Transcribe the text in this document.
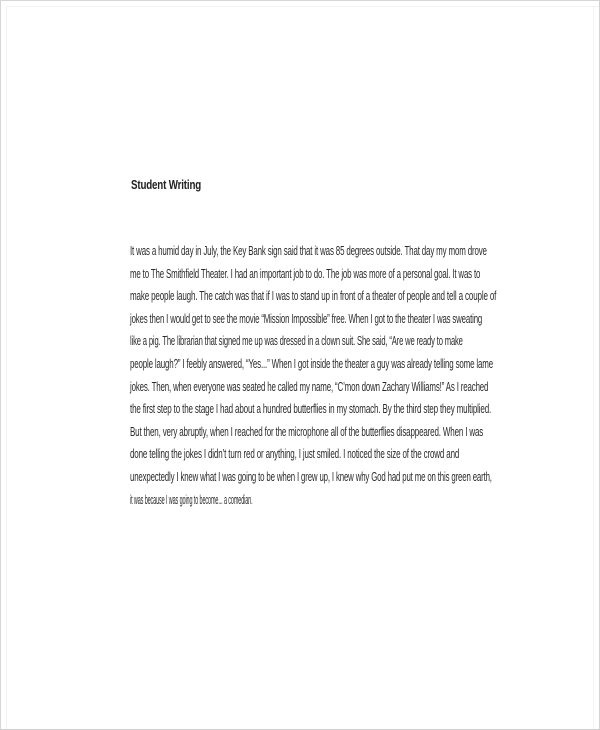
Student Writing
It was a humid day in July, the Key Bank sign said that it was 85 degrees outside. That day my mom drove
me to The Smithfield Theater. I had an important job to do. The job was more of a personal goal. It was to
make people laugh. The catch was that if I was to stand up in front of a theater of people and tell a couple of
jokes then I would get to see the movie “Mission Impossible” free. When I got to the theater I was sweating
like a pig. The librarian that signed me up was dressed in a clown suit. She said, “Are we ready to make
people laugh?” I feebly answered, “Yes...” When I got inside the theater a guy was already telling some lame
jokes. Then, when everyone was seated he called my name, “C’mon down Zachary Williams!” As I reached
the first step to the stage I had about a hundred butterflies in my stomach. By the third step they multiplied.
But then, very abruptly, when I reached for the microphone all of the butterflies disappeared. When I was
done telling the jokes I didn’t turn red or anything, I just smiled. I noticed the size of the crowd and
unexpectedly I knew what I was going to be when I grew up, I knew why God had put me on this green earth,
it was because I was going to become... a comedian.
